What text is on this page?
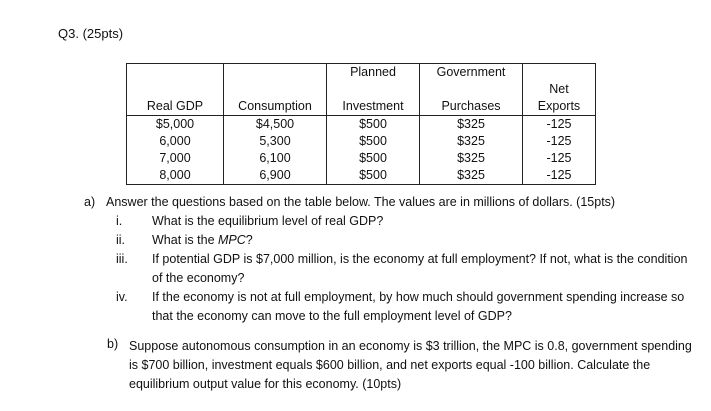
Q3. (25pts)
		Planned	Government	
Real GDP	Consumption	Investment	Purchases	Net Exports
$5,000	$4,500	$500	$325	-125
6,000	5,300	$500	$325	-125
7,000	6,100	$500	$325	-125
8,000	6,900	$500	$325	-125
a) Answer the questions based on the table below. The values are in millions of dollars. (15pts)
i.	What is the equilibrium level of real GDP?
ii.	What is the MPC?
iii.	If potential GDP is $7,000 million, is the economy at full employment? If not, what is the condition of the economy?
iv.	If the economy is not at full employment, by how much should government spending increase so that the economy can move to the full employment level of GDP?
b) Suppose autonomous consumption in an economy is $3 trillion, the MPC is 0.8, government spending is $700 billion, investment equals $600 billion, and net exports equal -100 billion. Calculate the equilibrium output value for this economy. (10pts)
